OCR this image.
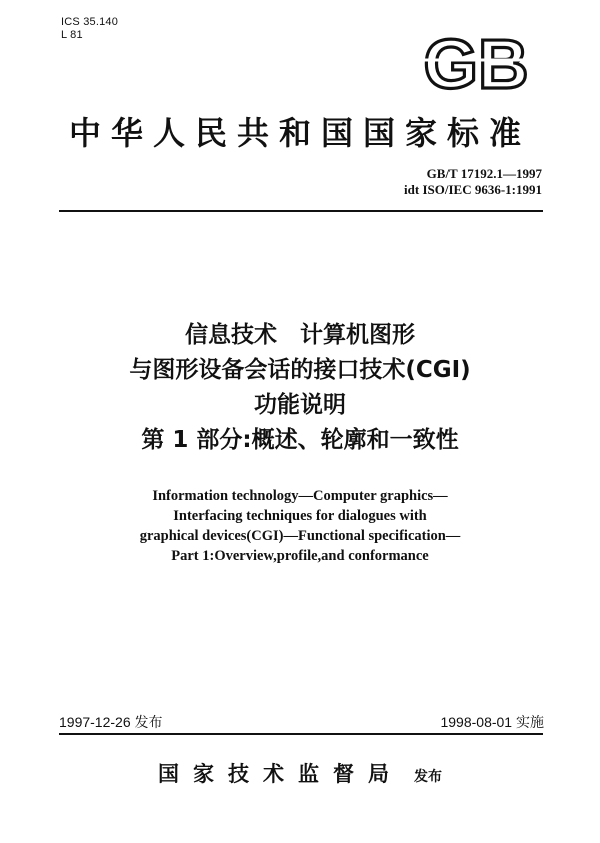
ICS 35.140
L 81	GB
中华人民共和国国家标准
GB/T 17192.1—1997
idt ISO/IEC 9636-1:1991
信息技术　计算机图形
与图形设备会话的接口技术(CGI)
功能说明
第 1 部分:概述、轮廓和一致性
Information technology—Computer graphics—
Interfacing techniques for dialogues with
graphical devices(CGI)—Functional specification—
Part 1:Overview,profile,and conformance
1997-12-26 发布	1998-08-01 实施
国家技术监督局 发布
